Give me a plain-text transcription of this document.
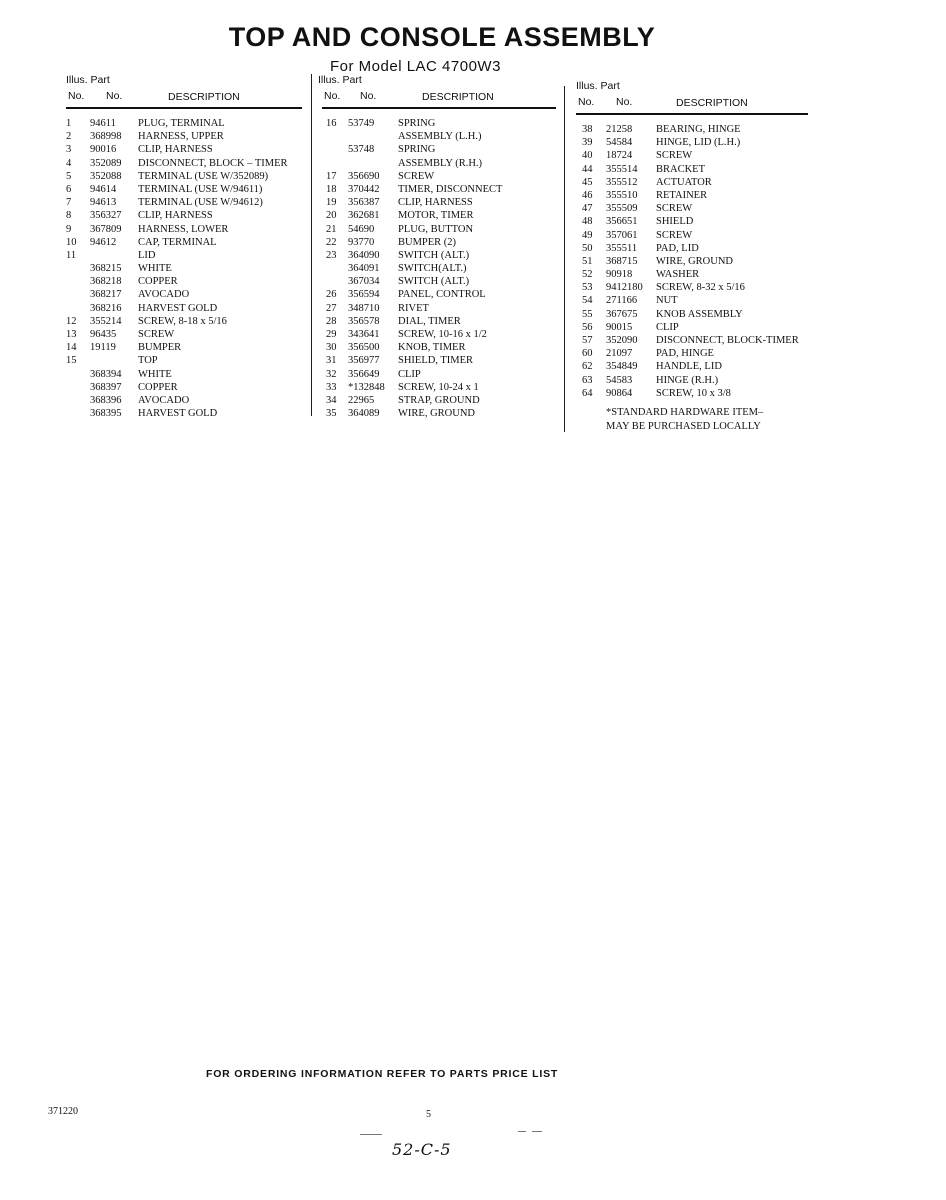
TOP AND CONSOLE ASSEMBLY
For Model LAC 4700W3
Illus. Part
No. No.	DESCRIPTION
1 94611 PLUG, TERMINAL
2 368998 HARNESS, UPPER
3 90016 CLIP, HARNESS
4 352089 DISCONNECT, BLOCK – TIMER
5 352088 TERMINAL (USE W/352089)
6 94614 TERMINAL (USE W/94611)
7 94613 TERMINAL (USE W/94612)
8 356327 CLIP, HARNESS
9 367809 HARNESS, LOWER
10 94612 CAP, TERMINAL
11	LID
368215 WHITE
368218 COPPER
368217 AVOCADO
368216 HARVEST GOLD
12 355214 SCREW, 8-18 x 5/16
13 96435 SCREW
14 19119 BUMPER
15	TOP
368394 WHITE
368397 COPPER
368396 AVOCADO
368395 HARVEST GOLD
Illus. Part
No. No.	DESCRIPTION
16 53749 SPRING
ASSEMBLY (L.H.)
53748 SPRING
ASSEMBLY (R.H.)
17 356690 SCREW
18 370442 TIMER, DISCONNECT
19 356387 CLIP, HARNESS
20 362681 MOTOR, TIMER
21 54690 PLUG, BUTTON
22 93770 BUMPER (2)
23 364090 SWITCH (ALT.)
364091 SWITCH(ALT.)
367034 SWITCH (ALT.)
26 356594 PANEL, CONTROL
27 348710 RIVET
28 356578 DIAL, TIMER
29 343641 SCREW, 10-16 x 1/2
30 356500 KNOB, TIMER
31 356977 SHIELD, TIMER
32 356649 CLIP
33 *132848 SCREW, 10-24 x 1
34 22965 STRAP, GROUND
35 364089 WIRE, GROUND
Illus. Part
No. No.	DESCRIPTION
38 21258 BEARING, HINGE
39 54584 HINGE, LID (L.H.)
40 18724 SCREW
44 355514 BRACKET
45 355512 ACTUATOR
46 355510 RETAINER
47 355509 SCREW
48 356651 SHIELD
49 357061 SCREW
50 355511 PAD, LID
51 368715 WIRE, GROUND
52 90918 WASHER
53 9412180 SCREW, 8-32 x 5/16
54 271166 NUT
55 367675 KNOB ASSEMBLY
56 90015 CLIP
57 352090 DISCONNECT, BLOCK-TIMER
60 21097 PAD, HINGE
62 354849 HANDLE, LID
63 54583 HINGE (R.H.)
64 90864 SCREW, 10 x 3/8
*STANDARD HARDWARE ITEM–
MAY BE PURCHASED LOCALLY
FOR ORDERING INFORMATION REFER TO PARTS PRICE LIST
371220	5
52-C-5
